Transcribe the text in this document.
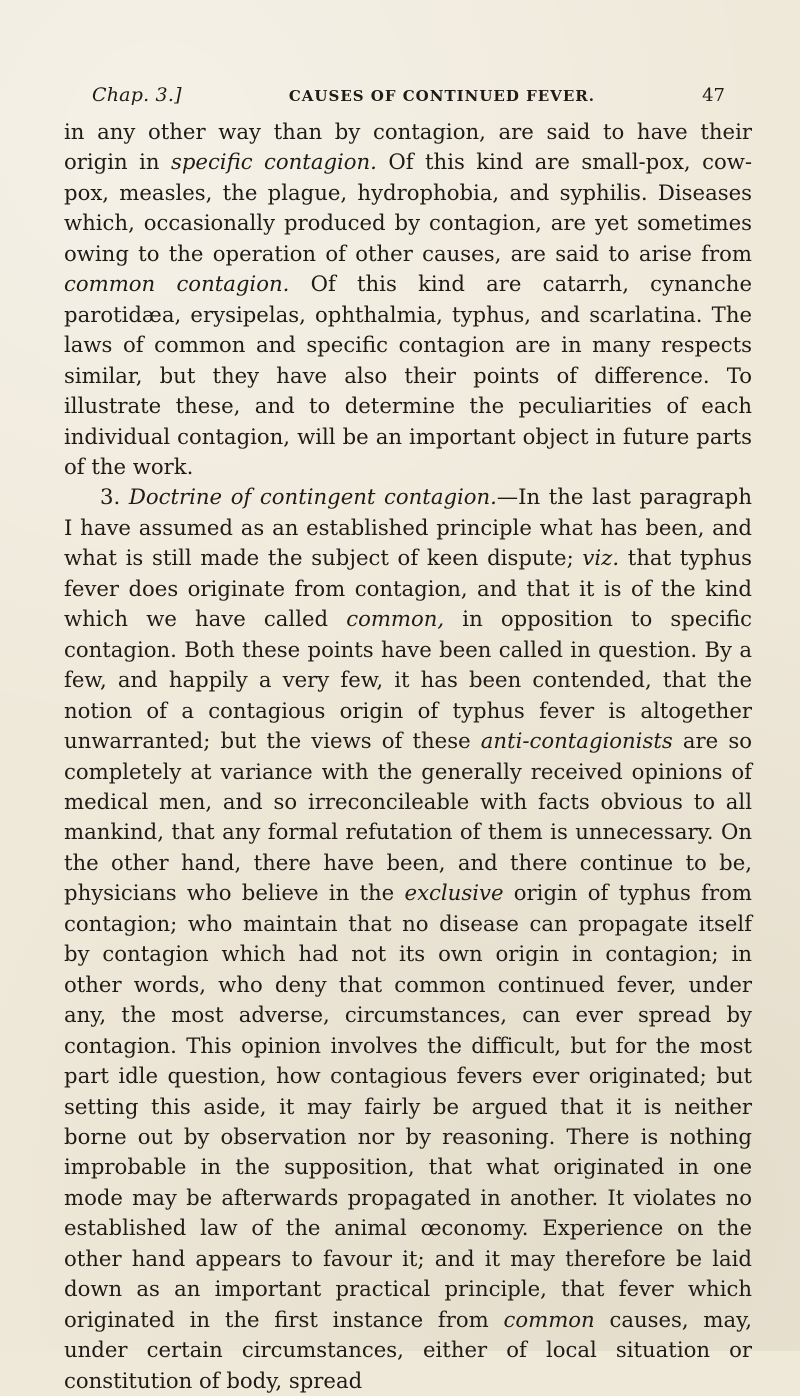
Chap. 3.]	CAUSES OF CONTINUED FEVER.	47

in any other way than by contagion, are said to have their origin in specific contagion. Of this kind are small-pox, cow-pox, measles, the plague, hydrophobia, and syphilis. Diseases which, occasionally produced by contagion, are yet sometimes owing to the operation of other causes, are said to arise from common contagion. Of this kind are catarrh, cynanche parotidæa, erysipelas, ophthalmia, typhus, and scarlatina. The laws of common and specific contagion are in many respects similar, but they have also their points of difference. To illustrate these, and to determine the peculiarities of each individual contagion, will be an important object in future parts of the work.

3. Doctrine of contingent contagion.—In the last paragraph I have assumed as an established principle what has been, and what is still made the subject of keen dispute; viz. that typhus fever does originate from contagion, and that it is of the kind which we have called common, in opposition to specific contagion. Both these points have been called in question. By a few, and happily a very few, it has been contended, that the notion of a contagious origin of typhus fever is altogether unwarranted; but the views of these anti-contagionists are so completely at variance with the generally received opinions of medical men, and so irreconcileable with facts obvious to all mankind, that any formal refutation of them is unnecessary. On the other hand, there have been, and there continue to be, physicians who believe in the exclusive origin of typhus from contagion; who maintain that no disease can propagate itself by contagion which had not its own origin in contagion; in other words, who deny that common continued fever, under any, the most adverse, circumstances, can ever spread by contagion. This opinion involves the difficult, but for the most part idle question, how contagious fevers ever originated; but setting this aside, it may fairly be argued that it is neither borne out by observation nor by reasoning. There is nothing improbable in the supposition, that what originated in one mode may be afterwards propagated in another. It violates no established law of the animal œconomy. Experience on the other hand appears to favour it; and it may therefore be laid down as an important practical principle, that fever which originated in the first instance from common causes, may, under certain circumstances, either of local situation or constitution of body, spread
